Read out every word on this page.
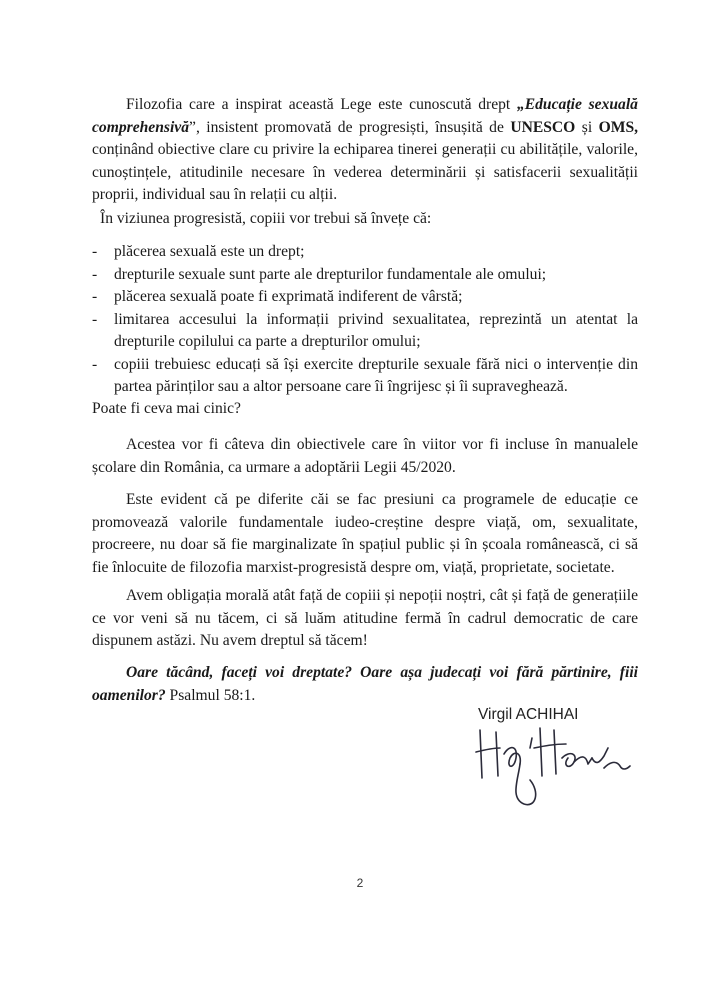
Filozofia care a inspirat această Lege este cunoscută drept „Educație sexuală comprehensivă”, insistent promovată de progresiști, însușită de UNESCO și OMS, conținând obiective clare cu privire la echiparea tinerei generații cu abilitățile, valorile, cunoștințele, atitudinile necesare în vederea determinării și satisfacerii sexualității proprii, individual sau în relații cu alții.

În viziunea progresistă, copiii vor trebui să învețe că:

- plăcerea sexuală este un drept;
- drepturile sexuale sunt parte ale drepturilor fundamentale ale omului;
- plăcerea sexuală poate fi exprimată indiferent de vârstă;
- limitarea accesului la informații privind sexualitatea, reprezintă un atentat la drepturile copilului ca parte a drepturilor omului;
- copiii trebuiesc educați să își exercite drepturile sexuale fără nici o intervenție din partea părinților sau a altor persoane care îi îngrijesc și îi supraveghează.

Poate fi ceva mai cinic?

Acestea vor fi câteva din obiectivele care în viitor vor fi incluse în manualele școlare din România, ca urmare a adoptării Legii 45/2020.

Este evident că pe diferite căi se fac presiuni ca programele de educație ce promovează valorile fundamentale iudeo-creștine despre viață, om, sexualitate, procreere, nu doar să fie marginalizate în spațiul public și în școala românească, ci să fie înlocuite de filozofia marxist-progresistă despre om, viață, proprietate, societate.

Avem obligația morală atât față de copiii și nepoții noștri, cât și față de generațiile ce vor veni să nu tăcem, ci să luăm atitudine fermă în cadrul democratic de care dispunem astăzi. Nu avem dreptul să tăcem!

Oare tăcând, faceți voi dreptate? Oare așa judecați voi fără părtinire, fiii oamenilor? Psalmul 58:1.

Virgil ACHIHAI
2
